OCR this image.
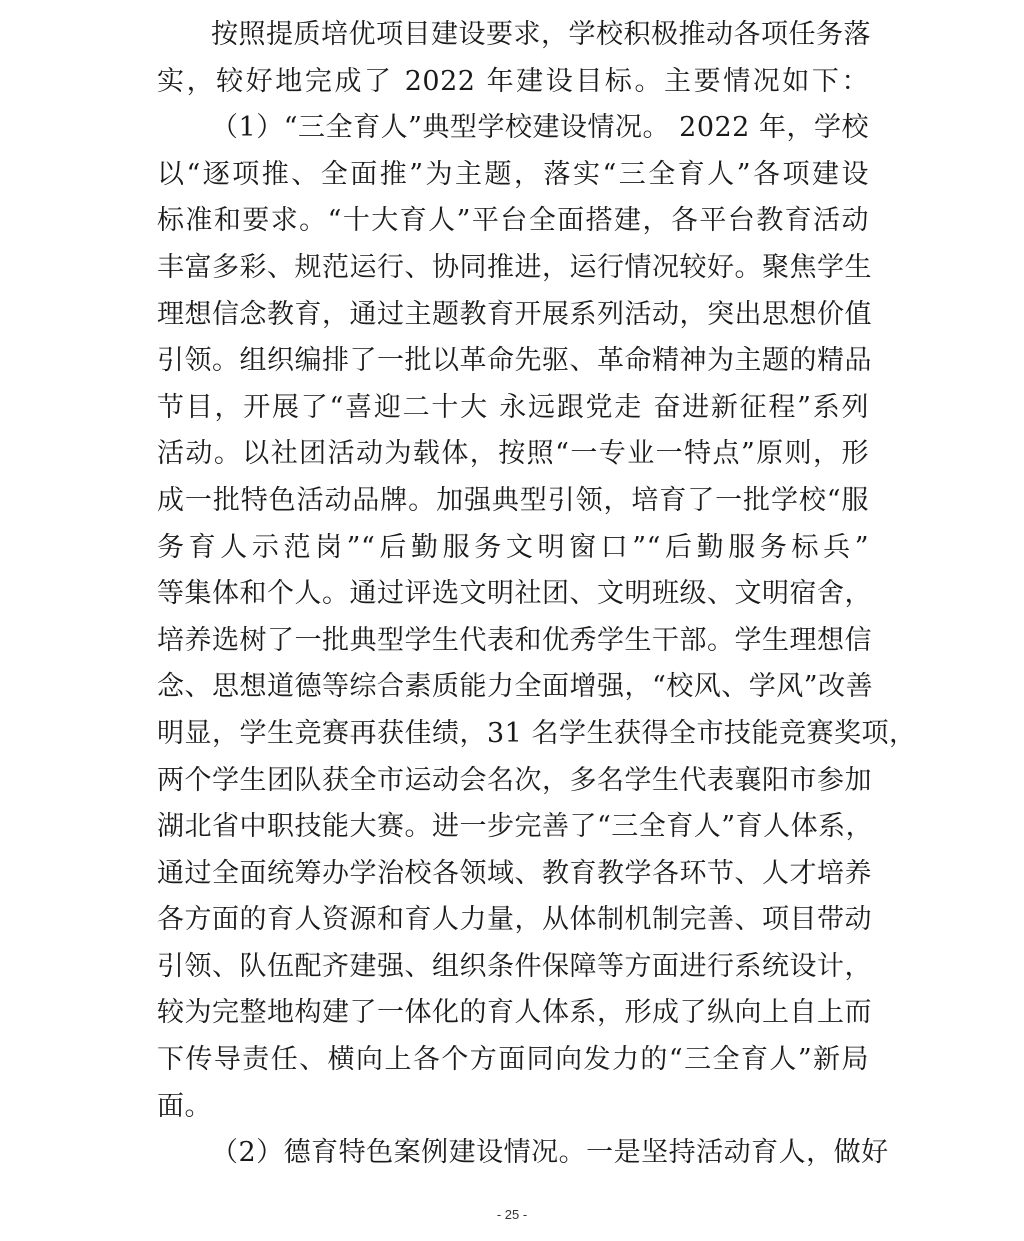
按照提质培优项目建设要求，学校积极推动各项任务落
实，较好地完成了 2022 年建设目标。主要情况如下：
（1）“三全育人”典型学校建设情况。 2022 年，学校
以“逐项推、全面推”为主题，落实“三全育人”各项建设
标准和要求。“十大育人”平台全面搭建，各平台教育活动
丰富多彩、规范运行、协同推进，运行情况较好。聚焦学生
理想信念教育，通过主题教育开展系列活动，突出思想价值
引领。组织编排了一批以革命先驱、革命精神为主题的精品
节目，开展了“喜迎二十大 永远跟党走 奋进新征程”系列
活动。以社团活动为载体，按照“一专业一特点”原则，形
成一批特色活动品牌。加强典型引领，培育了一批学校“服
务育人示范岗”“后勤服务文明窗口”“后勤服务标兵”
等集体和个人。通过评选文明社团、文明班级、文明宿舍，
培养选树了一批典型学生代表和优秀学生干部。学生理想信
念、思想道德等综合素质能力全面增强，“校风、学风”改善
明显，学生竞赛再获佳绩，31 名学生获得全市技能竞赛奖项，
两个学生团队获全市运动会名次，多名学生代表襄阳市参加
湖北省中职技能大赛。进一步完善了“三全育人”育人体系，
通过全面统筹办学治校各领域、教育教学各环节、人才培养
各方面的育人资源和育人力量，从体制机制完善、项目带动
引领、队伍配齐建强、组织条件保障等方面进行系统设计，
较为完整地构建了一体化的育人体系，形成了纵向上自上而
下传导责任、横向上各个方面同向发力的“三全育人”新局
面。
（2）德育特色案例建设情况。一是坚持活动育人，做好
- 25 -
